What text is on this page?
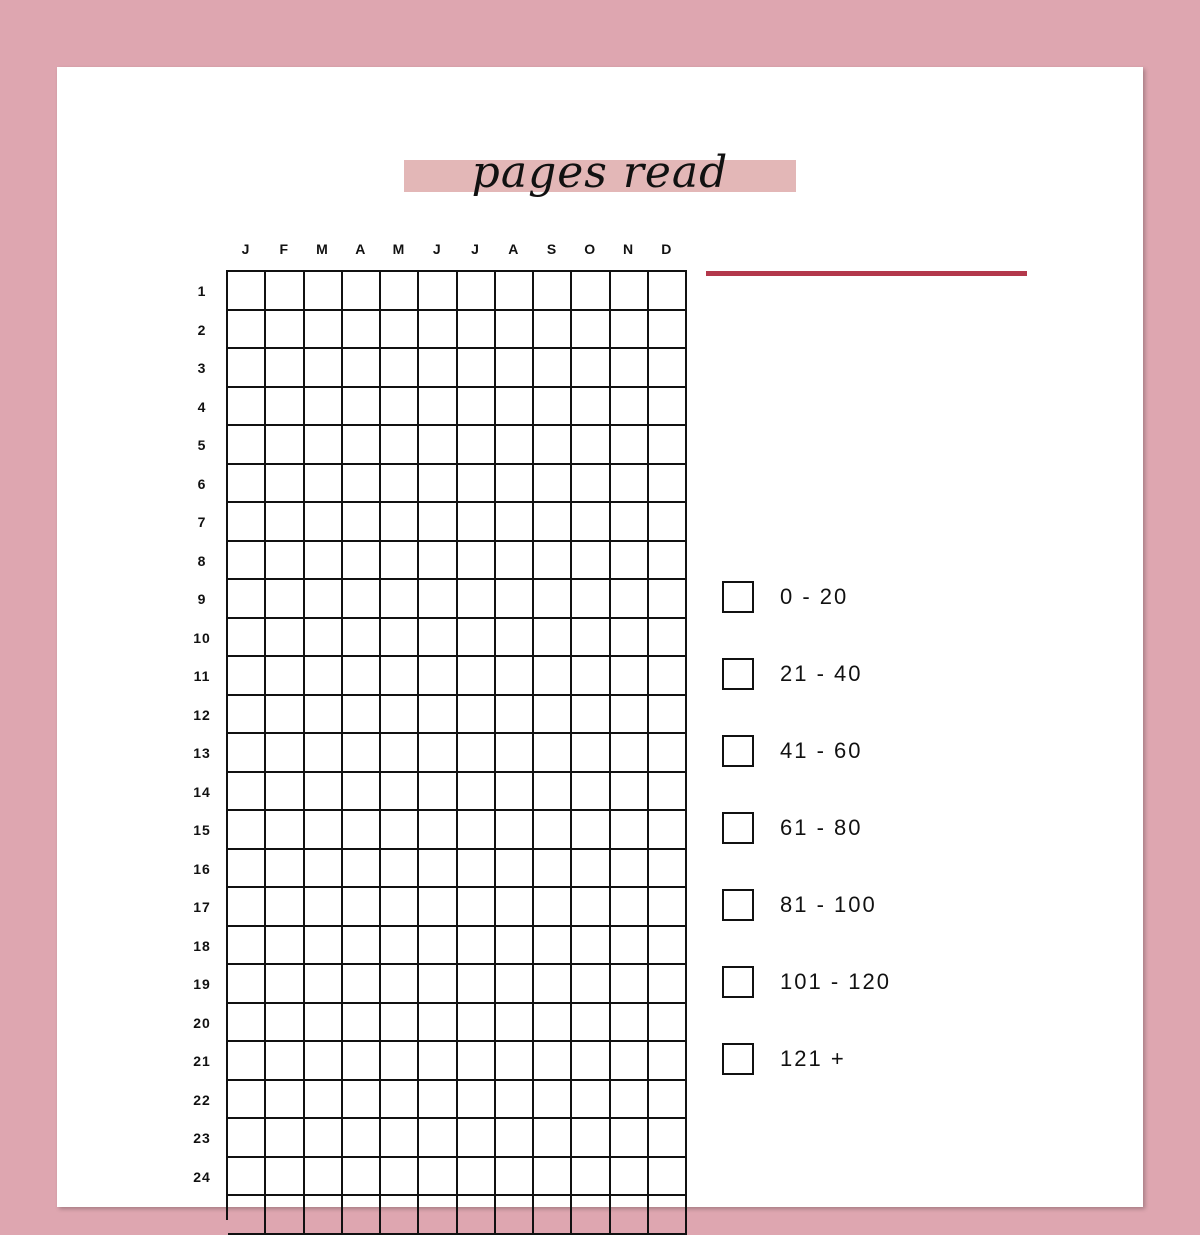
pages read
J	F	M	A	M	J	J	A	S	O	N	D
1
2
3
4
5
6
7
8
9
10
11
12
13
14
15
16
17
18
19
20
21
22
23
24
0 - 20
21 - 40
41 - 60
61 - 80
81 - 100
101 - 120
121 +
